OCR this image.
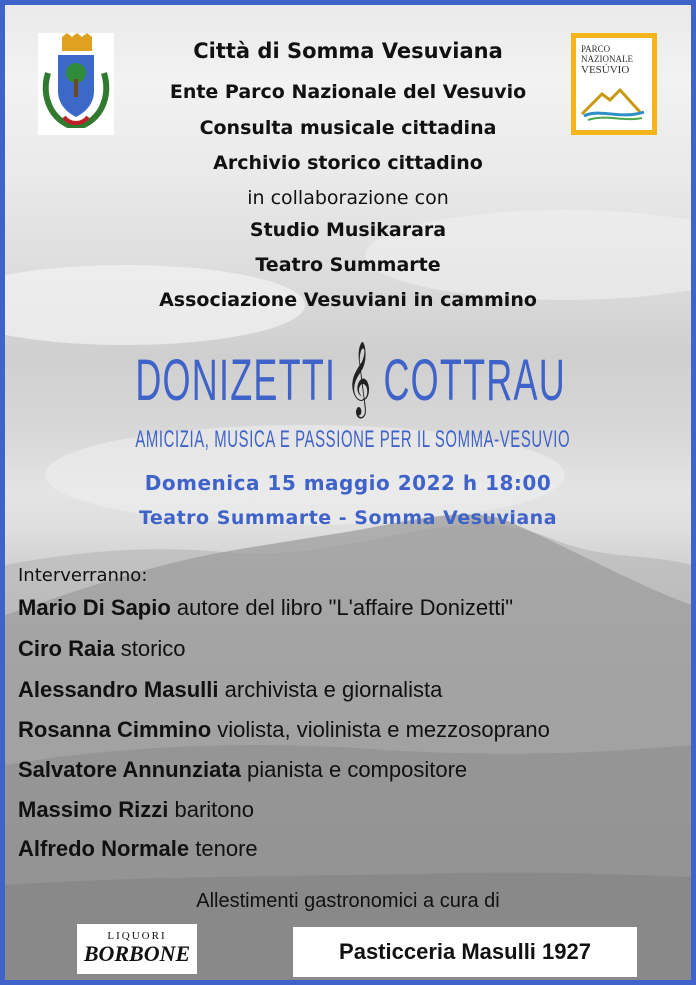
PARCO
NAZIONALE
VESÚVIO
Città di Somma Vesuviana
Ente Parco Nazionale del Vesuvio
Consulta musicale cittadina
Archivio storico cittadino
in collaborazione con
Studio Musikarara
Teatro Summarte
Associazione Vesuviani in cammino
DONIZETTI 𝄞 COTTRAU
AMICIZIA, MUSICA E PASSIONE PER IL SOMMA-VESUVIO
Domenica 15 maggio 2022 h 18:00
Teatro Summarte - Somma Vesuviana
Interverranno:
Mario Di Sapio autore del libro "L'affaire Donizetti"
Ciro Raia storico
Alessandro Masulli archivista e giornalista
Rosanna Cimmino violista, violinista e mezzosoprano
Salvatore Annunziata pianista e compositore
Massimo Rizzi baritono
Alfredo Normale tenore
Allestimenti gastronomici a cura di
LIQUORI
BORBONE	Pasticceria Masulli 1927
